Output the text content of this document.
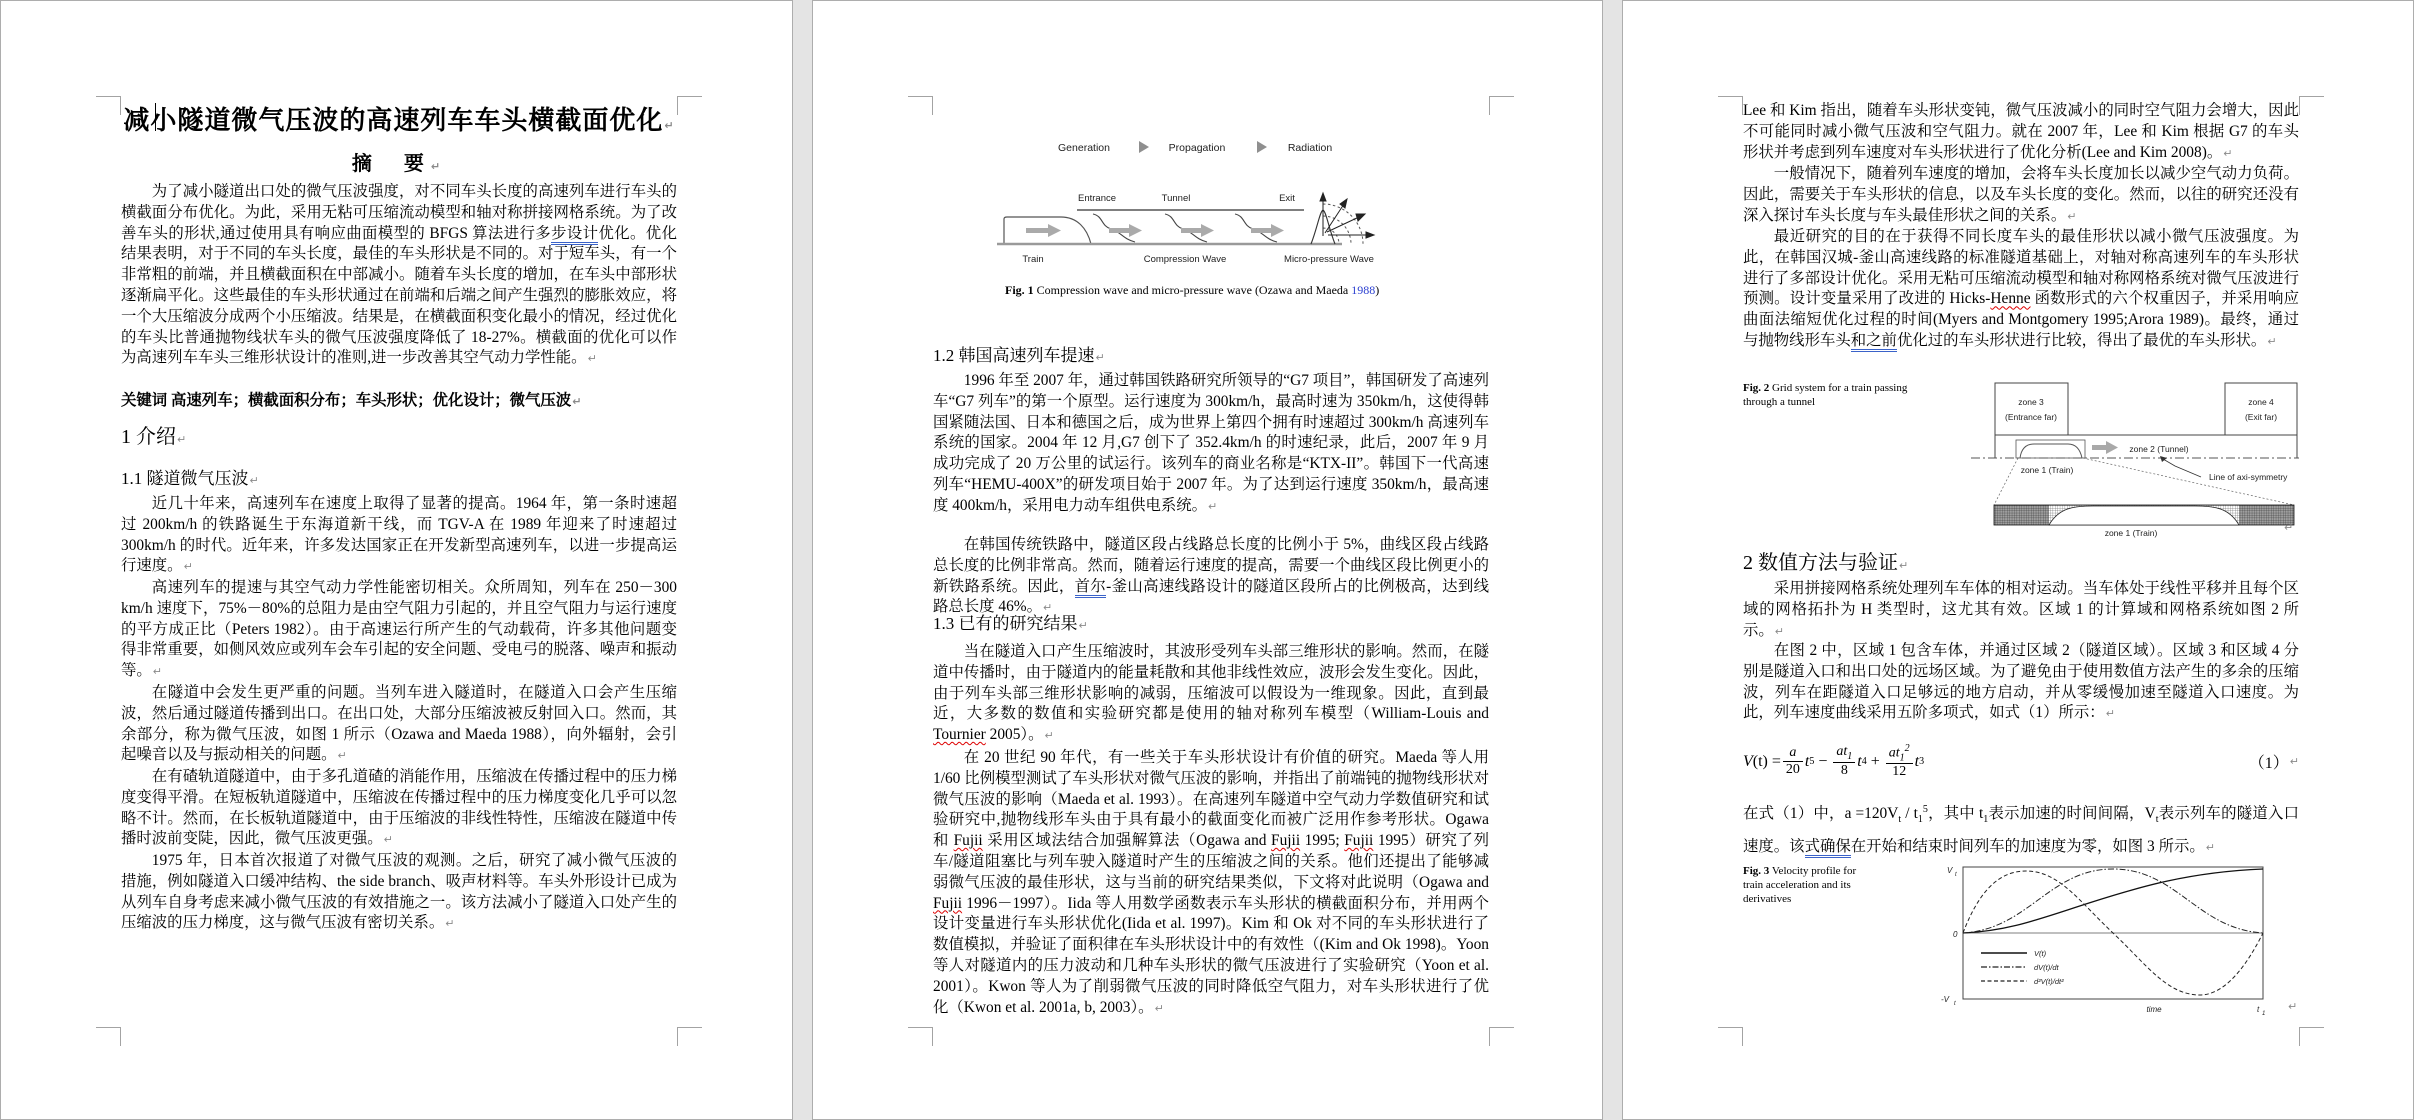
减小隧道微气压波的高速列车车头横截面优化 ↵
摘　要 ↵
为了减小隧道出口处的微气压波强度，对不同车头长度的高速列车进行车头的横截面分布优化。为此，采用无粘可压缩流动模型和轴对称拼接网格系统。为了改善车头的形状,通过使用具有响应曲面模型的 BFGS 算法进行多步设计优化。优化结果表明，对于不同的车头长度，最佳的车头形状是不同的。对于短车头，有一个非常粗的前端，并且横截面积在中部减小。随着车头长度的增加，在车头中部形状逐渐扁平化。这些最佳的车头形状通过在前端和后端之间产生强烈的膨胀效应，将一个大压缩波分成两个小压缩波。结果是，在横截面积变化最小的情况，经过优化的车头比普通抛物线状车头的微气压波强度降低了 18-27%。横截面的优化可以作为高速列车车头三维形状设计的准则,进一步改善其空气动力学性能。 ↵
关键词 高速列车；横截面积分布；车头形状；优化设计；微气压波 ↵
1 介绍 ↵
1.1 隧道微气压波 ↵
近几十年来，高速列车在速度上取得了显著的提高。1964 年，第一条时速超过 200km/h 的铁路诞生于东海道新干线，而 TGV-A 在 1989 年迎来了时速超过 300km/h 的时代。近年来，许多发达国家正在开发新型高速列车，以进一步提高运行速度。 ↵
高速列车的提速与其空气动力学性能密切相关。众所周知，列车在 250－300 km/h 速度下，75%－80%的总阻力是由空气阻力引起的，并且空气阻力与运行速度的平方成正比（Peters 1982）。由于高速运行所产生的气动载荷，许多其他问题变得非常重要，如侧风效应或列车会车引起的安全问题、受电弓的脱落、噪声和振动等。 ↵
在隧道中会发生更严重的问题。当列车进入隧道时，在隧道入口会产生压缩波，然后通过隧道传播到出口。在出口处，大部分压缩波被反射回入口。然而，其余部分，称为微气压波，如图 1 所示（Ozawa and Maeda 1988），向外辐射，会引起噪音以及与振动相关的问题。 ↵
在有碴轨道隧道中，由于多孔道碴的消能作用，压缩波在传播过程中的压力梯度变得平滑。在短板轨道隧道中，压缩波在传播过程中的压力梯度变化几乎可以忽略不计。然而，在长板轨道隧道中，由于压缩波的非线性特性，压缩波在隧道中传播时波前变陡，因此，微气压波更强。 ↵
1975 年，日本首次报道了对微气压波的观测。之后，研究了减小微气压波的措施，例如隧道入口缓冲结构、the side branch、吸声材料等。车头外形设计已成为从列车自身考虑来减小微气压波的有效措施之一。该方法减小了隧道入口处产生的压缩波的压力梯度，这与微气压波有密切关系。 ↵
Generation	Propagation	Radiation
Entrance	Tunnel	Exit
Train	Compression Wave	Micro-pressure Wave
Fig. 1 Compression wave and micro-pressure wave (Ozawa and Maeda 1988)
1.2 韩国高速列车提速 ↵
1996 年至 2007 年，通过韩国铁路研究所领导的“G7 项目”，韩国研发了高速列车“G7 列车”的第一个原型。运行速度为 300km/h，最高时速为 350km/h，这使得韩国紧随法国、日本和德国之后，成为世界上第四个拥有时速超过 300km/h 高速列车系统的国家。2004 年 12 月,G7 创下了 352.4km/h 的时速纪录，此后，2007 年 9 月成功完成了 20 万公里的试运行。该列车的商业名称是“KTX-II”。韩国下一代高速列车“HEMU-400X”的研发项目始于 2007 年。为了达到运行速度 350km/h，最高速度 400km/h，采用电力动车组供电系统。 ↵
在韩国传统铁路中，隧道区段占线路总长度的比例小于 5%，曲线区段占线路总长度的比例非常高。然而，随着运行速度的提高，需要一个曲线区段比例更小的新铁路系统。因此，首尔-釜山高速线路设计的隧道区段所占的比例极高，达到线路总长度 46%。 ↵
1.3 已有的研究结果 ↵
当在隧道入口产生压缩波时，其波形受列车头部三维形状的影响。然而，在隧道中传播时，由于隧道内的能量耗散和其他非线性效应，波形会发生变化。因此，由于列车头部三维形状影响的减弱，压缩波可以假设为一维现象。因此，直到最近，大多数的数值和实验研究都是使用的轴对称列车模型（William-Louis and Tournier 2005）。 ↵
在 20 世纪 90 年代，有一些关于车头形状设计有价值的研究。Maeda 等人用 1/60 比例模型测试了车头形状对微气压波的影响，并指出了前端钝的抛物线形状对微气压波的影响（Maeda et al. 1993）。在高速列车隧道中空气动力学数值研究和试验研究中,抛物线形车头由于具有最小的截面变化而被广泛用作参考形状。Ogawa 和 Fujii 采用区域法结合加强解算法（Ogawa and Fujii 1995; Fujii 1995）研究了列车/隧道阻塞比与列车驶入隧道时产生的压缩波之间的关系。他们还提出了能够减弱微气压波的最佳形状，这与当前的研究结果类似，下文将对此说明（Ogawa and Fujii 1996－1997）。Iida 等人用数学函数表示车头形状的横截面积分布，并用两个设计变量进行车头形状优化(Iida et al. 1997)。Kim 和 Ok 对不同的车头形状进行了数值模拟，并验证了面积律在车头形状设计中的有效性（(Kim and Ok 1998)。Yoon 等人对隧道内的压力波动和几种车头形状的微气压波进行了实验研究（Yoon et al. 2001）。Kwon 等人为了削弱微气压波的同时降低空气阻力，对车头形状进行了优化（Kwon et al. 2001a, b, 2003）。 ↵
Lee 和 Kim 指出，随着车头形状变钝，微气压波减小的同时空气阻力会增大，因此不可能同时减小微气压波和空气阻力。就在 2007 年，Lee 和 Kim 根据 G7 的车头形状并考虑到列车速度对车头形状进行了优化分析(Lee and Kim 2008)。 ↵
一般情况下，随着列车速度的增加，会将车头长度加长以减少空气动力负荷。因此，需要关于车头形状的信息，以及车头长度的变化。然而，以往的研究还没有深入探讨车头长度与车头最佳形状之间的关系。 ↵
最近研究的目的在于获得不同长度车头的最佳形状以减小微气压波强度。为此，在韩国汉城-釜山高速线路的标准隧道基础上，对轴对称高速列车的车头形状进行了多部设计优化。采用无粘可压缩流动模型和轴对称网格系统对微气压波进行预测。设计变量采用了改进的 Hicks-Henne 函数形式的六个权重因子，并采用响应曲面法缩短优化过程的时间(Myers and Montgomery 1995;Arora 1989)。最终，通过与抛物线形车头和之前优化过的车头形状进行比较，得出了最优的车头形状。 ↵
Fig. 2 Grid system for a train passing through a tunnel	zone 3
(Entrance far)
zone 4
(Exit far)
zone 2 (Tunnel)
zone 1 (Train)
Line of axi-symmetry
zone 1 (Train)
↵
2 数值方法与验证 ↵
采用拼接网格系统处理列车车体的相对运动。当车体处于线性平移并且每个区域的网格拓扑为 H 类型时，这尤其有效。区域 1 的计算域和网格系统如图 2 所示。 ↵
在图 2 中，区域 1 包含车体，并通过区域 2（隧道区域）。区域 3 和区域 4 分别是隧道入口和出口处的远场区域。为了避免由于使用数值方法产生的多余的压缩波，列车在距隧道入口足够远的地方启动，并从零缓慢加速至隧道入口速度。为此，列车速度曲线采用五阶多项式，如式（1）所示： ↵
V $(t) = \frac{a}{20}$ t $5 - \frac{at_1}{8}$ t $4 + \frac{at_1^2}{12}$ t 3	（1）
↵
在式（1）中，$a =120V_t / t_1^5$，其中 $t_1$表示加速的时间间隔，$V_t$表示列车的隧道入口速度。该式确保在开始和结束时间列车的加速度为零，如图 3 所示。 ↵
Fig. 3 Velocity profile for train acceleration and its derivatives
V t
0
-V t
time	t 1
V(t)
dV(t)/dt
d²V(t)/dt²
↵
